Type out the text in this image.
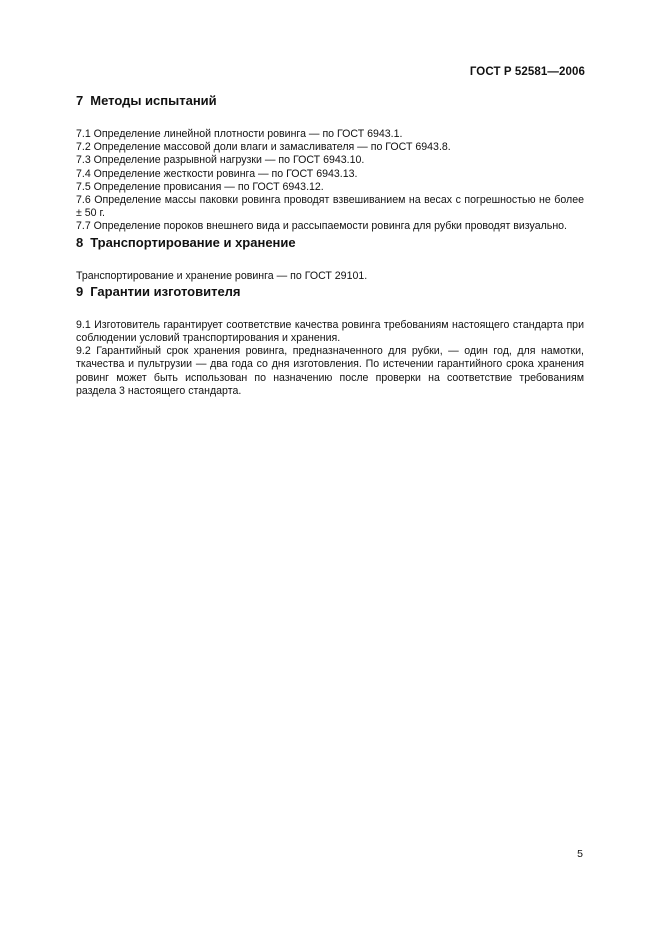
ГОСТ Р 52581—2006
7 Методы испытаний

7.1 Определение линейной плотности ровинга — по ГОСТ 6943.1.

7.2 Определение массовой доли влаги и замасливателя — по ГОСТ 6943.8.

7.3 Определение разрывной нагрузки — по ГОСТ 6943.10.

7.4 Определение жесткости ровинга — по ГОСТ 6943.13.

7.5 Определение провисания — по ГОСТ 6943.12.

7.6 Определение массы паковки ровинга проводят взвешиванием на весах с погрешностью не более ± 50 г.

7.7 Определение пороков внешнего вида и рассыпаемости ровинга для рубки проводят визуально.

8 Транспортирование и хранение

Транспортирование и хранение ровинга — по ГОСТ 29101.

9 Гарантии изготовителя

9.1 Изготовитель гарантирует соответствие качества ровинга требованиям настоящего стандарта при соблюдении условий транспортирования и хранения.

9.2 Гарантийный срок хранения ровинга, предназначенного для рубки, — один год, для намотки, ткачества и пультрузии — два года со дня изготовления. По истечении гарантийного срока хранения ровинг может быть использован по назначению после проверки на соответствие требованиям раздела 3 настоящего стандарта.

5
